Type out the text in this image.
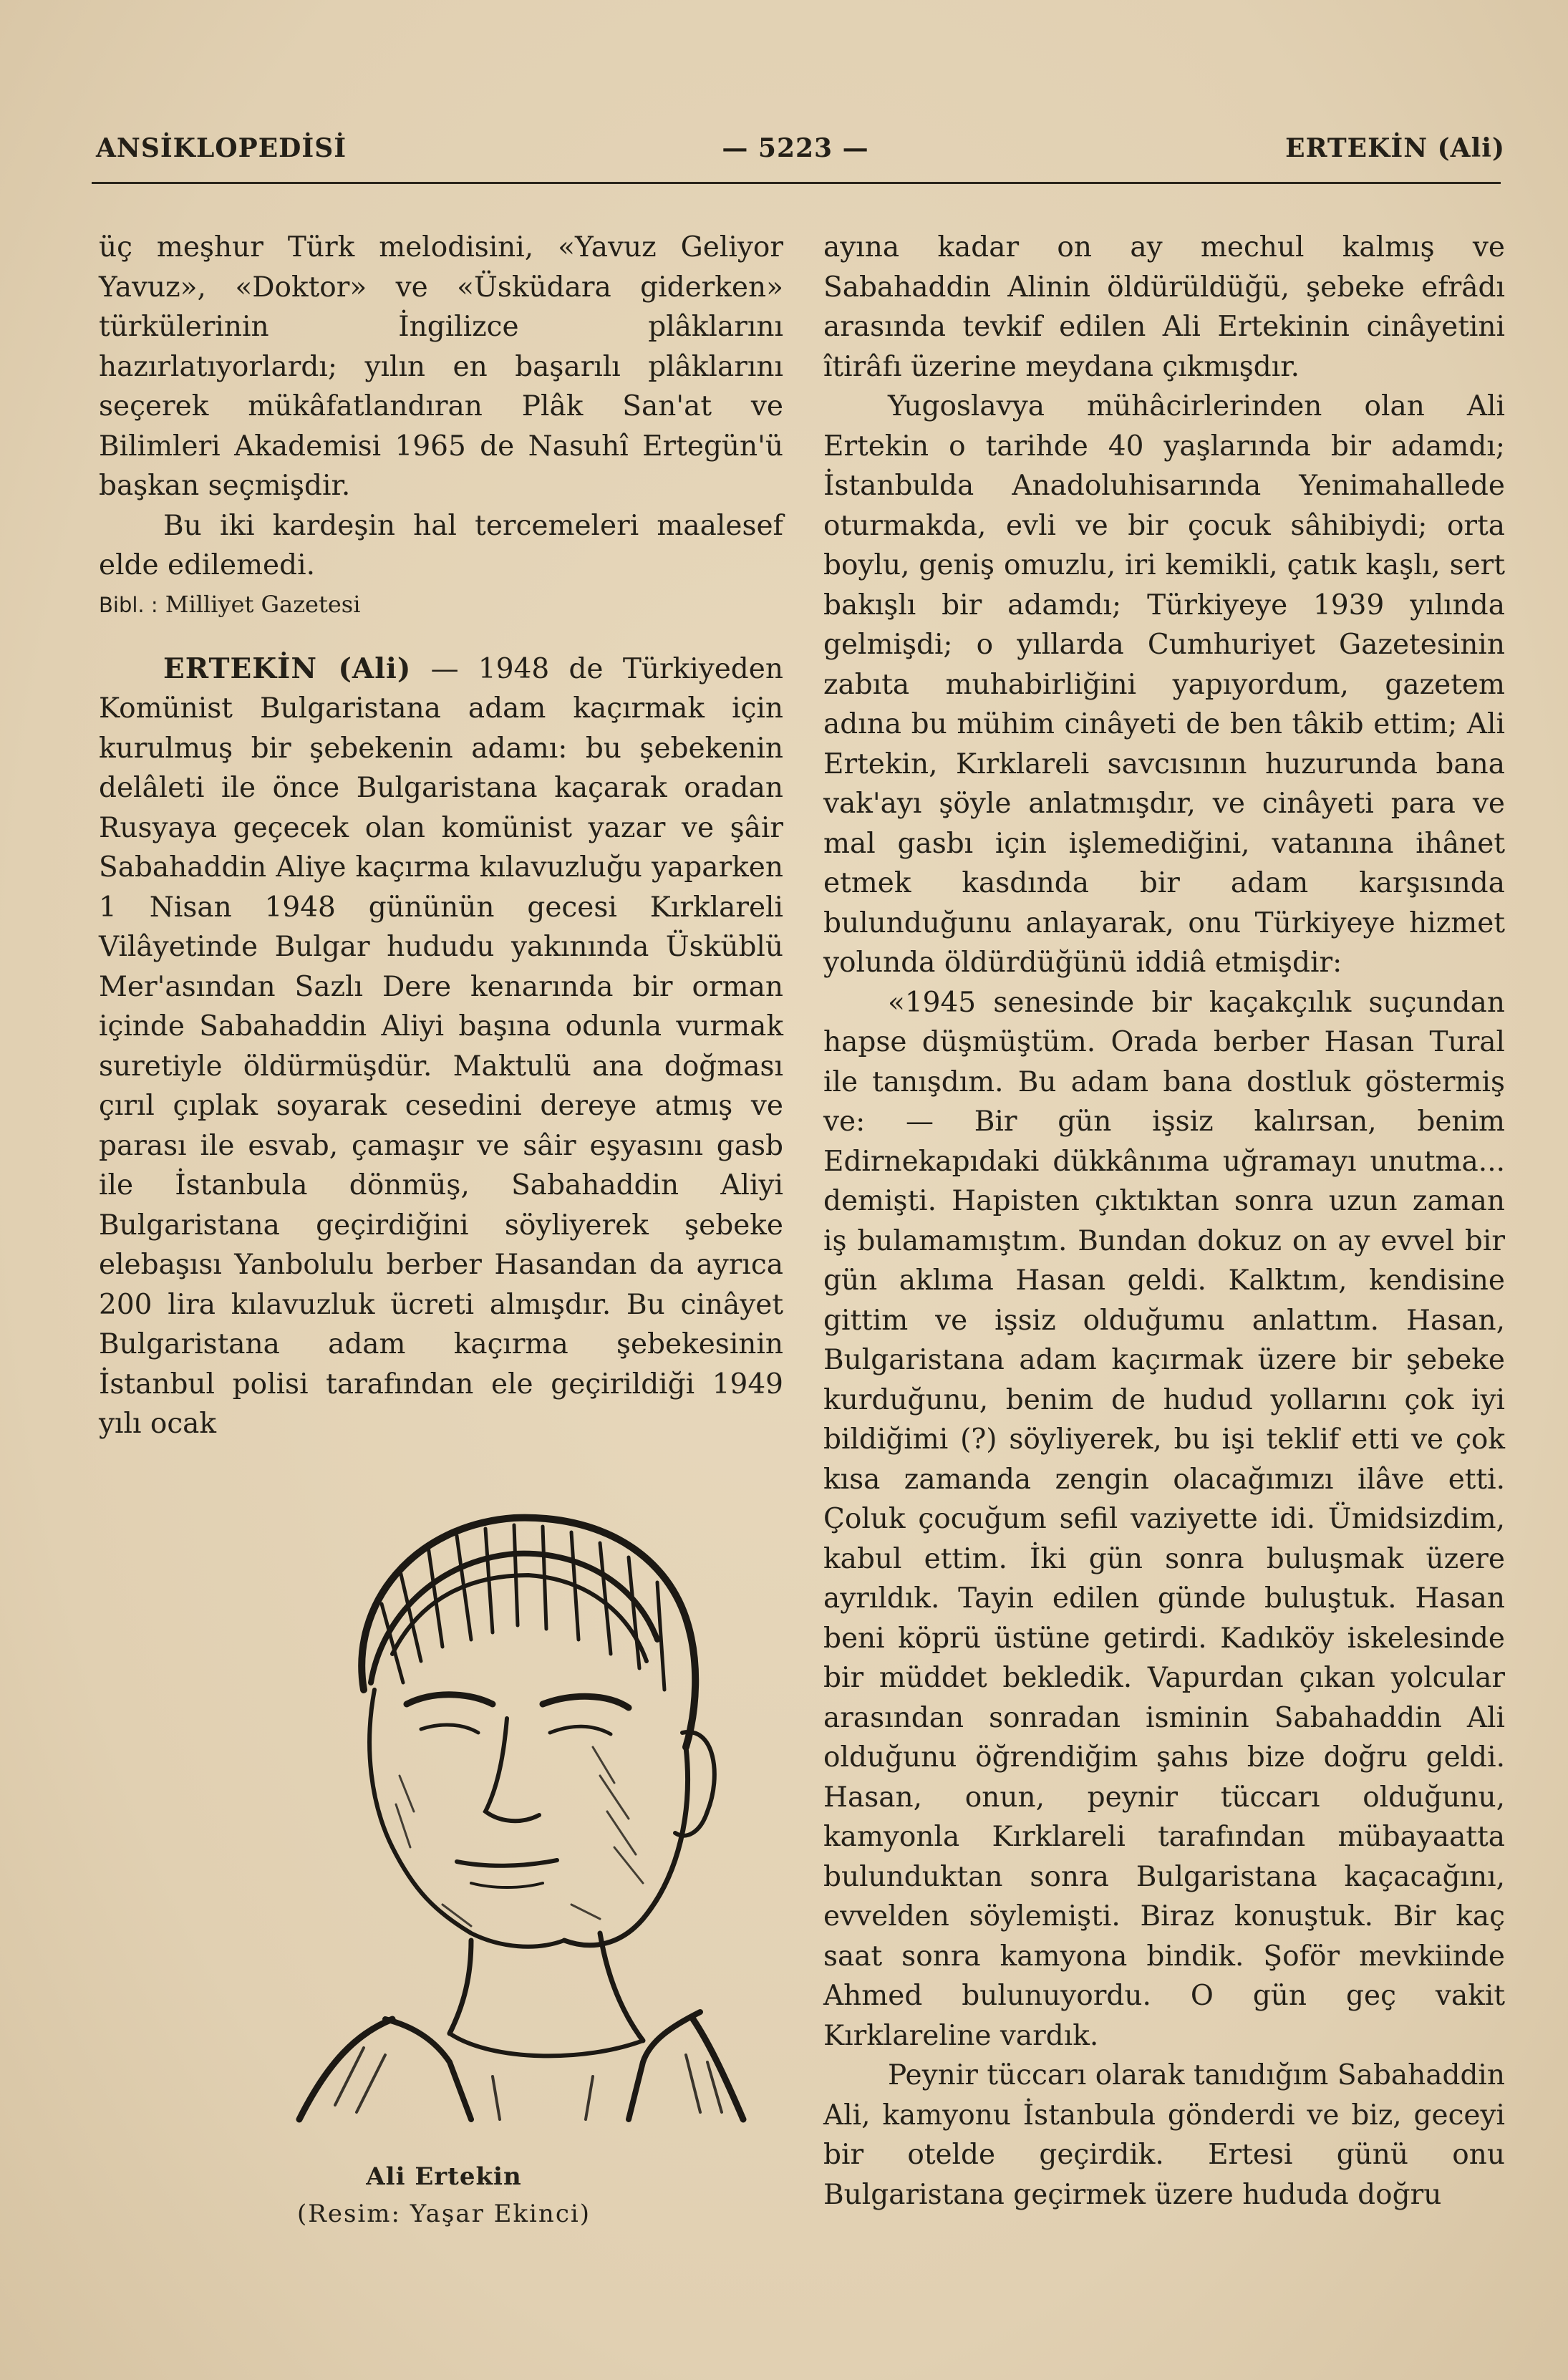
ANSİKLOPEDİSİ	— 5223 —	ERTEKİN (Ali)

üç meşhur Türk melodisini, «Yavuz Geliyor Yavuz», «Doktor» ve «Üsküdara giderken» türkülerinin İngilizce plâklarını hazırlatıyorlardı; yılın en başarılı plâklarını seçerek mükâfatlandıran Plâk San'at ve Bilimleri Akademisi 1965 de Nasuhî Ertegün'ü başkan seçmişdir.

Bu iki kardeşin hal tercemeleri maalesef elde edilemedi.

Bibl. : Milliyet Gazetesi

ERTEKİN (Ali) — 1948 de Türkiyeden Komünist Bulgaristana adam kaçırmak için kurulmuş bir şebekenin adamı: bu şebekenin delâleti ile önce Bulgaristana kaçarak oradan Rusyaya geçecek olan komünist yazar ve şâir Sabahaddin Aliye kaçırma kılavuzluğu yaparken 1 Nisan 1948 gününün gecesi Kırklareli Vilâyetinde Bulgar hududu yakınında Üsküblü Mer'asından Sazlı Dere kenarında bir orman içinde Sabahaddin Aliyi başına odunla vurmak suretiyle öldürmüşdür. Maktulü ana doğması çırıl çıplak soyarak cesedini dereye atmış ve parası ile esvab, çamaşır ve sâir eşyasını gasb ile İstanbula dönmüş, Sabahaddin Aliyi Bulgaristana geçirdiğini söyliyerek şebeke elebaşısı Yanbolulu berber Hasandan da ayrıca 200 lira kılavuzluk ücreti almışdır. Bu cinâyet Bulgaristana adam kaçırma şebekesinin İstanbul polisi tarafından ele geçirildiği 1949 yılı ocak

Ali Ertekin
(Resim: Yaşar Ekinci)

ayına kadar on ay mechul kalmış ve Sabahaddin Alinin öldürüldüğü, şebeke efrâdı arasında tevkif edilen Ali Ertekinin cinâyetini îtirâfı üzerine meydana çıkmışdır.

Yugoslavya mühâcirlerinden olan Ali Ertekin o tarihde 40 yaşlarında bir adamdı; İstanbulda Anadoluhisarında Yenimahallede oturmakda, evli ve bir çocuk sâhibiydi; orta boylu, geniş omuzlu, iri kemikli, çatık kaşlı, sert bakışlı bir adamdı; Türkiyeye 1939 yılında gelmişdi; o yıllarda Cumhuriyet Gazetesinin zabıta muhabirliğini yapıyordum, gazetem adına bu mühim cinâyeti de ben tâkib ettim; Ali Ertekin, Kırklareli savcısının huzurunda bana vak'ayı şöyle anlatmışdır, ve cinâyeti para ve mal gasbı için işlemediğini, vatanına ihânet etmek kasdında bir adam karşısında bulunduğunu anlayarak, onu Türkiyeye hizmet yolunda öldürdüğünü iddiâ etmişdir:

«1945 senesinde bir kaçakçılık suçundan hapse düşmüştüm. Orada berber Hasan Tural ile tanışdım. Bu adam bana dostluk göstermiş ve: — Bir gün işsiz kalırsan, benim Edirnekapıdaki dükkânıma uğramayı unutma... demişti. Hapisten çıktıktan sonra uzun zaman iş bulamamıştım. Bundan dokuz on ay evvel bir gün aklıma Hasan geldi. Kalktım, kendisine gittim ve işsiz olduğumu anlattım. Hasan, Bulgaristana adam kaçırmak üzere bir şebeke kurduğunu, benim de hudud yollarını çok iyi bildiğimi (?) söyliyerek, bu işi teklif etti ve çok kısa zamanda zengin olacağımızı ilâve etti. Çoluk çocuğum sefil vaziyette idi. Ümidsizdim, kabul ettim. İki gün sonra buluşmak üzere ayrıldık. Tayin edilen günde buluştuk. Hasan beni köprü üstüne getirdi. Kadıköy iskelesinde bir müddet bekledik. Vapurdan çıkan yolcular arasından sonradan isminin Sabahaddin Ali olduğunu öğrendiğim şahıs bize doğru geldi. Hasan, onun, peynir tüccarı olduğunu, kamyonla Kırklareli tarafından mübayaatta bulunduktan sonra Bulgaristana kaçacağını, evvelden söylemişti. Biraz konuştuk. Bir kaç saat sonra kamyona bindik. Şoför mevkiinde Ahmed bulunuyordu. O gün geç vakit Kırklareline vardık.

Peynir tüccarı olarak tanıdığım Sabahaddin Ali, kamyonu İstanbula gönderdi ve biz, geceyi bir otelde geçirdik. Ertesi günü onu Bulgaristana geçirmek üzere hududa doğru
